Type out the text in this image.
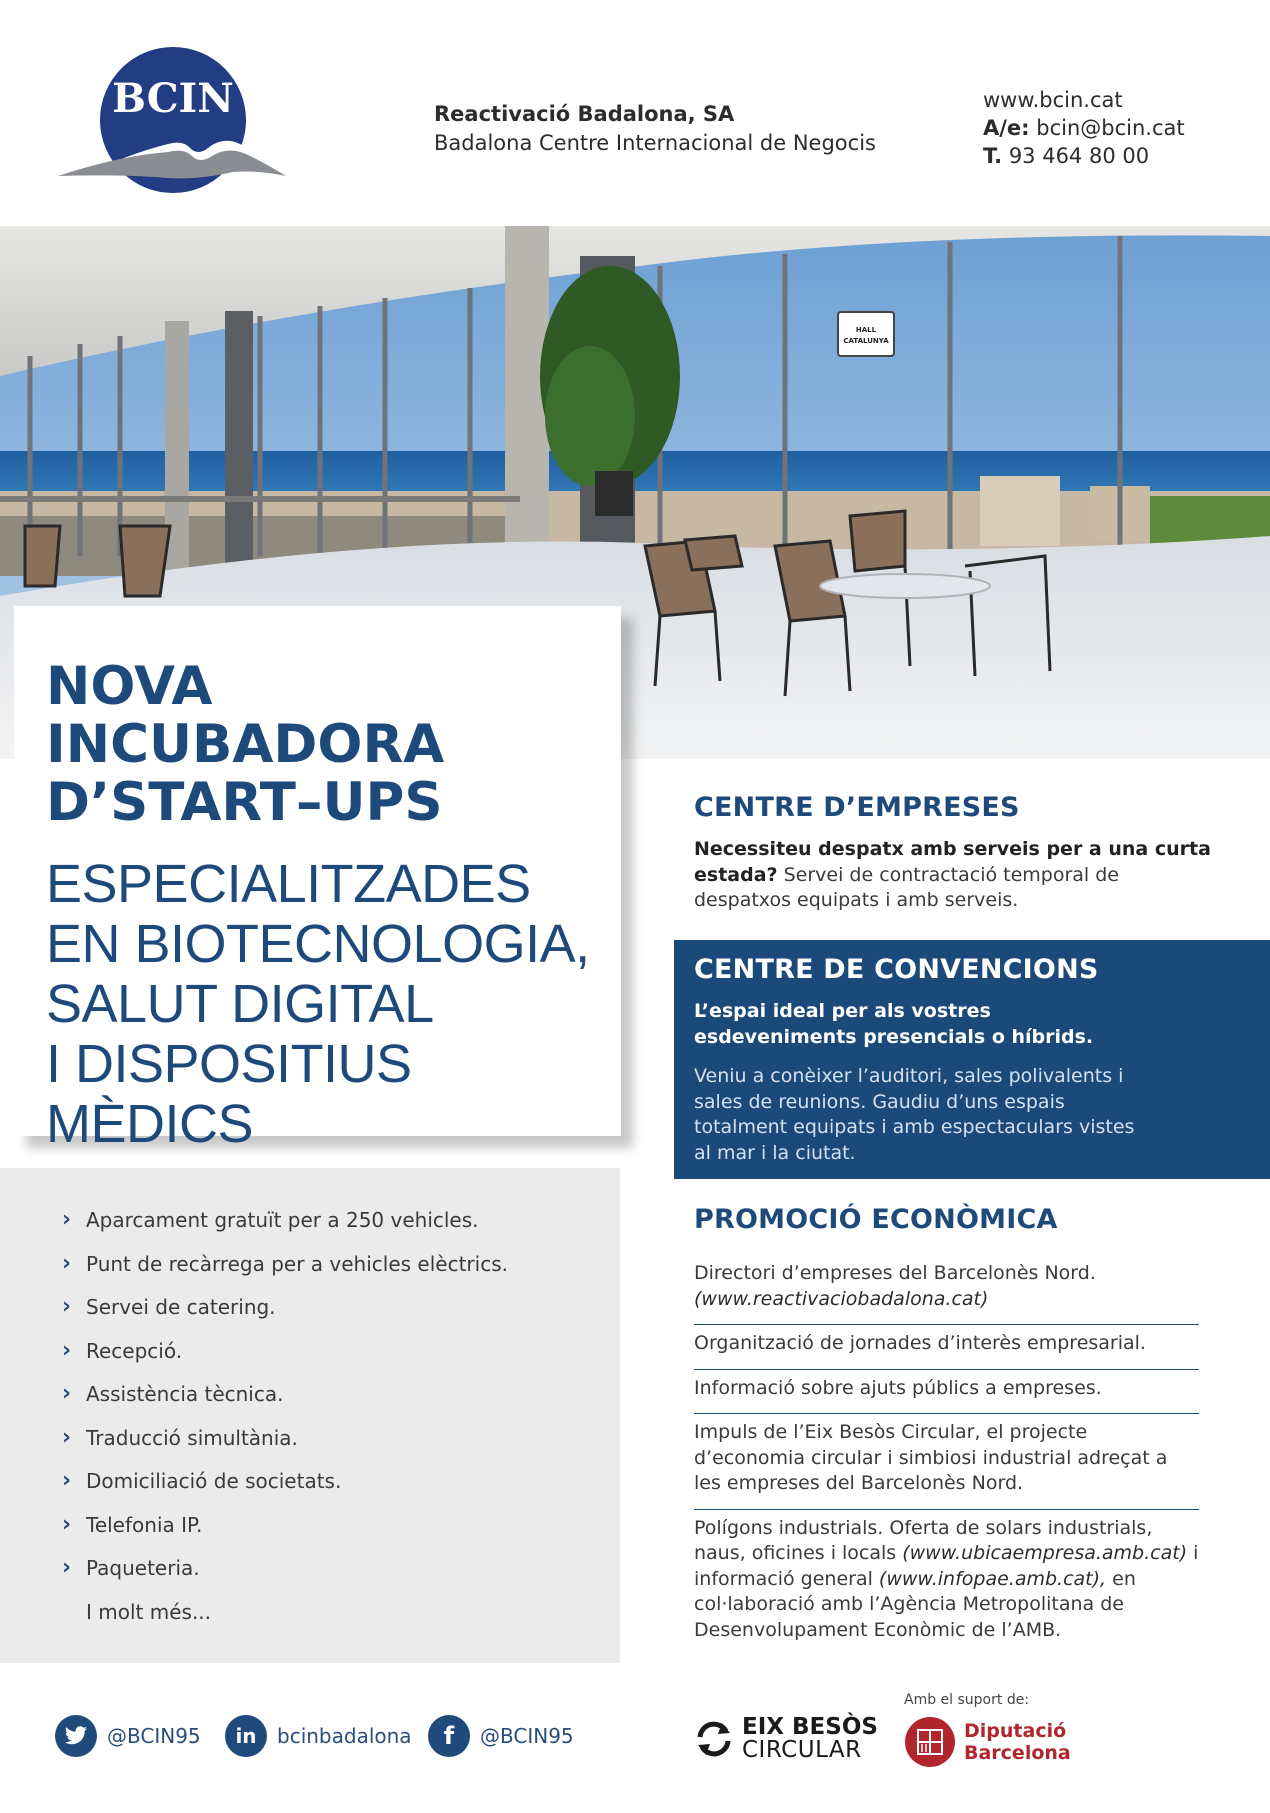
BCIN	Reactivació Badalona, SA
Badalona Centre Internacional de Negocis
www.bcin.cat
A/e: bcin@bcin.cat
T. 93 464 80 00
HALL
CATALUNYA
NOVA
INCUBADORA
D’START–UPS
ESPECIALITZADES
EN BIOTECNOLOGIA,
SALUT DIGITAL
I DISPOSITIUS MÈDICS
› Aparcament gratuït per a 250 vehicles.
› Punt de recàrrega per a vehicles elèctrics.
› Servei de catering.
› Recepció.
› Assistència tècnica.
› Traducció simultània.
› Domiciliació de societats.
› Telefonia IP.
› Paqueteria.
I molt més...
CENTRE D’EMPRESES
Necessiteu despatx amb serveis per a una curta estada? Servei de contractació temporal de despatxos equipats i amb serveis.
CENTRE DE CONVENCIONS
L’espai ideal per als vostres esdeveniments presencials o híbrids.
Veniu a conèixer l’auditori, sales polivalents i sales de reunions. Gaudiu d’uns espais totalment equipats i amb espectaculars vistes al mar i la ciutat.
PROMOCIÓ ECONÒMICA
Directori d’empreses del Barcelonès Nord.
(www.reactivaciobadalona.cat)
Organització de jornades d’interès empresarial.
Informació sobre ajuts públics a empreses.
Impuls de l’Eix Besòs Circular, el projecte d’economia circular i simbiosi industrial adreçat a les empreses del Barcelonès Nord.
Polígons industrials. Oferta de solars industrials, naus, oficines i locals (www.ubicaempresa.amb.cat) i informació general (www.infopae.amb.cat), en col·laboració amb l’Agència Metropolitana de Desenvolupament Econòmic de l’AMB.
@BCIN95	in	bcinbadalona	f	@BCIN95	EIX BESÒS
CIRCULAR
Amb el suport de:
Diputació
Barcelona
